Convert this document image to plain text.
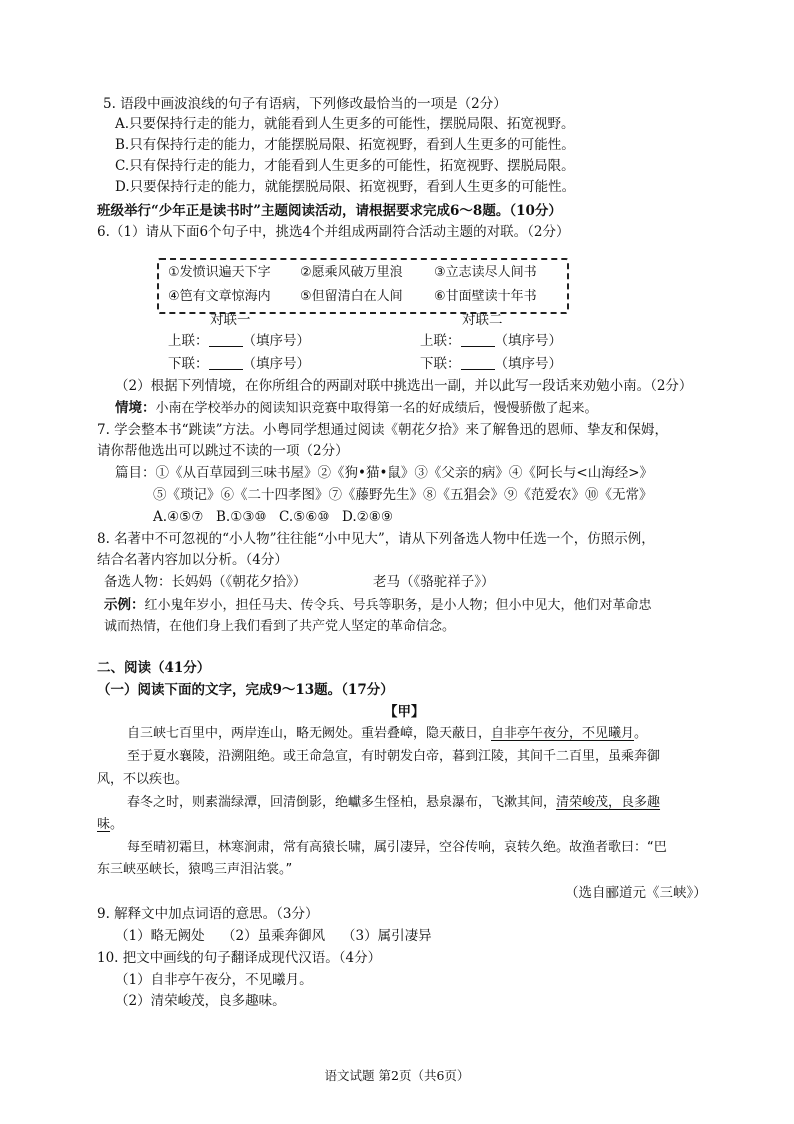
5. 语段中画波浪线的句子有语病，下列修改最恰当的一项是（2分）
A.只要保持行走的能力，就能看到人生更多的可能性，摆脱局限、拓宽视野。
B.只有保持行走的能力，才能摆脱局限、拓宽视野，看到人生更多的可能性。
C.只有保持行走的能力，才能看到人生更多的可能性，拓宽视野、摆脱局限。
D.只要保持行走的能力，就能摆脱局限、拓宽视野，看到人生更多的可能性。
班级举行“少年正是读书时”主题阅读活动，请根据要求完成6～8题。（10分）
6.（1）请从下面6个句子中，挑选4个并组成两副符合活动主题的对联。（2分）
①发愤识遍天下字 ②愿乘风破万里浪 ③立志读尽人间书
④笆有文章惊海内 ⑤但留清白在人间 ⑥甘面壁读十年书
对联一	对联二
上联：	（填序号）	上联：	（填序号）
下联：	（填序号）	下联：	（填序号）
（2）根据下列情境，在你所组合的两副对联中挑选出一副，并以此写一段话来劝勉小南。（2分）
情境：小南在学校举办的阅读知识竞赛中取得第一名的好成绩后，慢慢骄傲了起来。
7. 学会整本书“跳读”方法。小粤同学想通过阅读《朝花夕拾》来了解鲁迅的恩师、挚友和保姆，
请你帮他选出可以跳过不读的一项（2分）
篇目：①《从百草园到三味书屋》②《狗•猫•鼠》③《父亲的病》④《阿长与<山海经>》
⑤《琐记》⑥《二十四孝图》⑦《藤野先生》⑧《五猖会》⑨《范爱农》⑩《无常》
A.④⑤⑦ B.①③⑩ C.⑤⑥⑩ D.②⑧⑨
8. 名著中不可忽视的“小人物”往往能“小中见大”，请从下列备选人物中任选一个，仿照示例，
结合名著内容加以分析。（4分）
备选人物：长妈妈（《朝花夕拾》）	老马（《骆驼祥子》）
示例：红小鬼年岁小，担任马夫、传令兵、号兵等职务，是小人物；但小中见大，他们对革命忠
诚而热情，在他们身上我们看到了共产党人坚定的革命信念。
二、阅读（41分）
（一）阅读下面的文字，完成9～13题。（17分）
【甲】
自三峡七百里中，两岸连山，略无阙处。重岩叠嶂，隐天蔽日，自非亭午夜分，不见曦月。
至于夏水襄陵，沿溯阻绝。或王命急宣，有时朝发白帝，暮到江陵，其间千二百里，虽乘奔御
风，不以疾也。
春冬之时，则素湍绿潭，回清倒影，绝巘多生怪柏，悬泉瀑布，飞漱其间，清荣峻茂，良多趣
味。
每至晴初霜旦，林寒涧肃，常有高猿长啸，属引凄异，空谷传响，哀转久绝。故渔者歌曰：“巴
东三峡巫峡长，猿鸣三声泪沾裳。”
（选自郦道元《三峡》）
9. 解释文中加点词语的意思。（3分）
（1）略无阙处 （2）虽乘奔御风 （3）属引凄异
10. 把文中画线的句子翻译成现代汉语。（4分）
（1）自非亭午夜分，不见曦月。
（2）清荣峻茂，良多趣味。
语文试题 第2页（共6页）
